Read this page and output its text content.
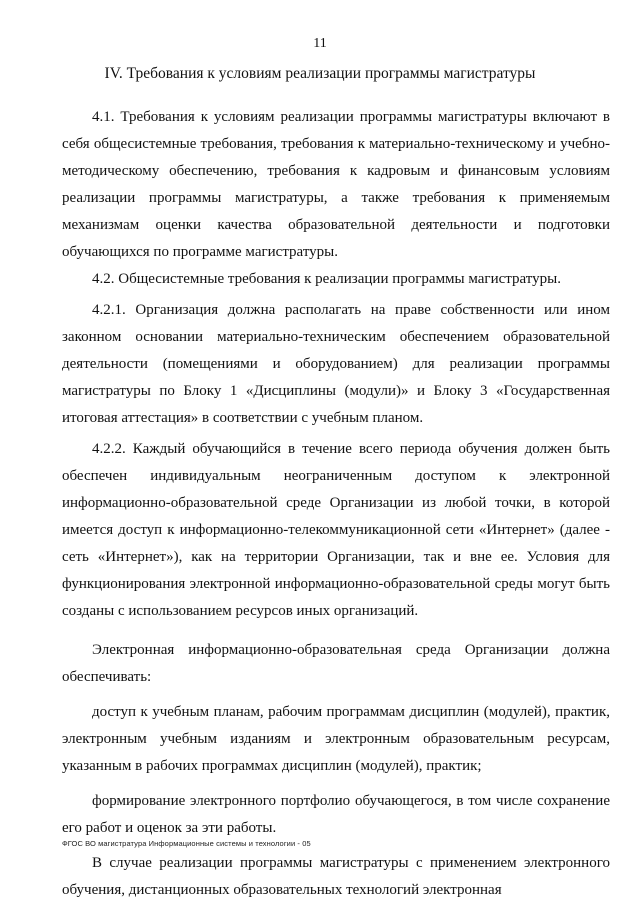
11
IV. Требования к условиям реализации программы магистратуры

4.1. Требования к условиям реализации программы магистратуры включают в себя общесистемные требования, требования к материально-техническому и учебно-методическому обеспечению, требования к кадровым и финансовым условиям реализации программы магистратуры, а также требования к применяемым механизмам оценки качества образовательной деятельности и подготовки обучающихся по программе магистратуры.

4.2. Общесистемные требования к реализации программы магистратуры.

4.2.1. Организация должна располагать на праве собственности или ином законном основании материально-техническим обеспечением образовательной деятельности (помещениями и оборудованием) для реализации программы магистратуры по Блоку 1 «Дисциплины (модули)» и Блоку 3 «Государственная итоговая аттестация» в соответствии с учебным планом.

4.2.2. Каждый обучающийся в течение всего периода обучения должен быть обеспечен индивидуальным неограниченным доступом к электронной информационно-образовательной среде Организации из любой точки, в которой имеется доступ к информационно-телекоммуникационной сети «Интернет» (далее - сеть «Интернет»), как на территории Организации, так и вне ее. Условия для функционирования электронной информационно-образовательной среды могут быть созданы с использованием ресурсов иных организаций.

Электронная информационно-образовательная среда Организации должна обеспечивать:

доступ к учебным планам, рабочим программам дисциплин (модулей), практик, электронным учебным изданиям и электронным образовательным ресурсам, указанным в рабочих программах дисциплин (модулей), практик;

формирование электронного портфолио обучающегося, в том числе сохранение его работ и оценок за эти работы.

В случае реализации программы магистратуры с применением электронного обучения, дистанционных образовательных технологий электронная

ФГОС ВО магистратура Информационные системы и технологии - 05
